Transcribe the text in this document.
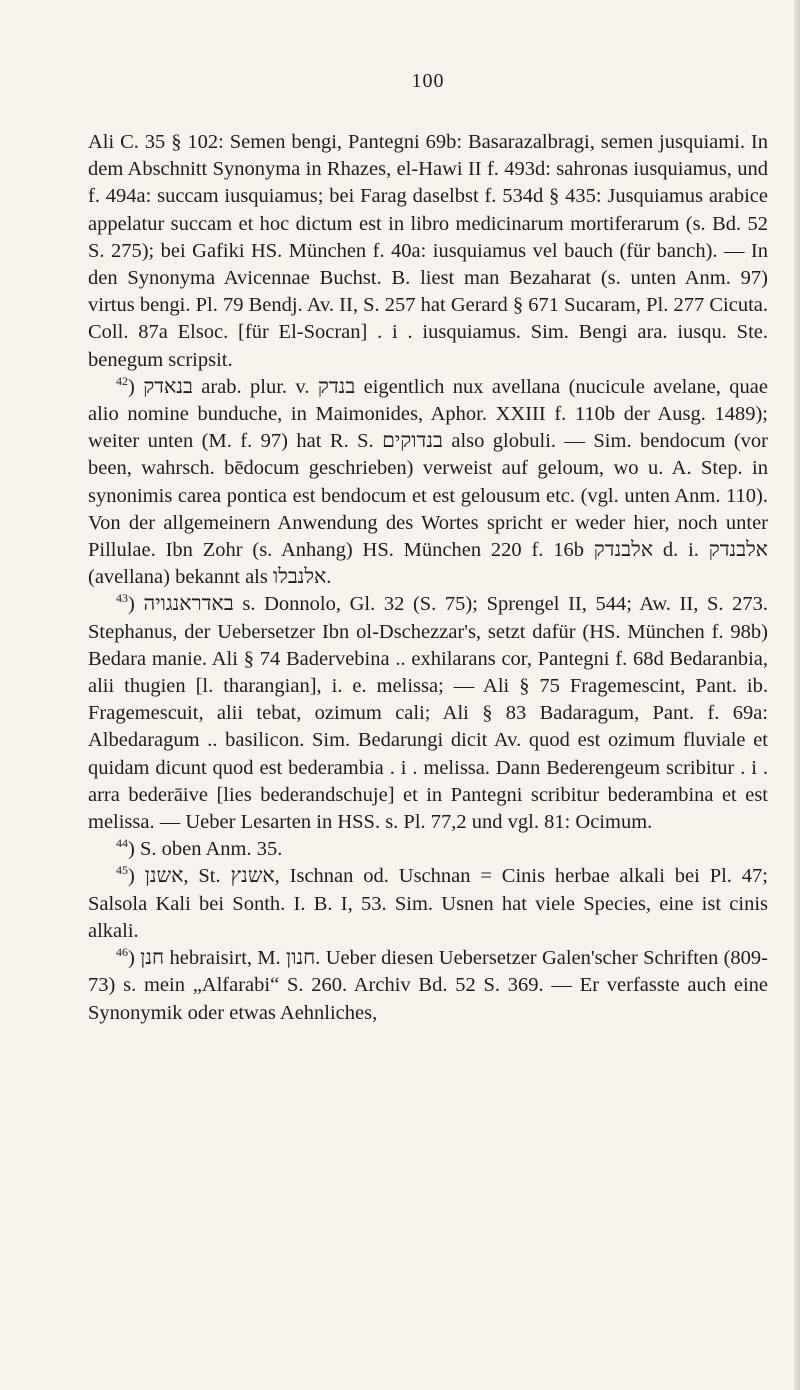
100

Ali C. 35 § 102: Semen bengi, Pantegni 69b: Basarazalbragi, semen jusquiami. In dem Abschnitt Synonyma in Rhazes, el-Hawi II f. 493d: sahronas iusquiamus, und f. 494a: succam iusquiamus; bei Farag daselbst f. 534d § 435: Jusquiamus arabice appelatur succam et hoc dictum est in libro medicinarum mortiferarum (s. Bd. 52 S. 275); bei Gafiki HS. München f. 40a: iusquiamus vel bauch (für banch). — In den Synonyma Avicennae Buchst. B. liest man Bezaharat (s. unten Anm. 97) virtus bengi. Pl. 79 Bendj. Av. II, S. 257 hat Gerard § 671 Sucaram, Pl. 277 Cicuta. Coll. 87a Elsoc. [für El-Socran] . i . iusquiamus. Sim. Bengi ara. iusqu. Ste. benegum scripsit.

$^{42}$) בנאדק arab. plur. v. בנדק eigentlich nux avellana (nucicule avelane, quae alio nomine bunduche, in Maimonides, Aphor. XXIII f. 110b der Ausg. 1489); weiter unten (M. f. 97) hat R. S. בנדוקים also globuli. — Sim. bendocum (vor been, wahrsch. bēdocum geschrieben) verweist auf geloum, wo u. A. Step. in synonimis carea pontica est bendocum et est gelousum etc. (vgl. unten Anm. 110). Von der allgemeinern Anwendung des Wortes spricht er weder hier, noch unter Pillulae. Ibn Zohr (s. Anhang) HS. München 220 f. 16b אלבנדק d. i. אלבנדק (avellana) bekannt als אלנבלו.

$^{43}$) באדראנגויה s. Donnolo, Gl. 32 (S. 75); Sprengel II, 544; Aw. II, S. 273. Stephanus, der Uebersetzer Ibn ol-Dschezzar's, setzt dafür (HS. München f. 98b) Bedara manie. Ali § 74 Badervebina .. exhilarans cor, Pantegni f. 68d Bedaranbia, alii thugien [l. tharangian], i. e. melissa; — Ali § 75 Fragemescint, Pant. ib. Fragemescuit, alii tebat, ozimum cali; Ali § 83 Badaragum, Pant. f. 69a: Albedaragum .. basilicon. Sim. Bedarungi dicit Av. quod est ozimum fluviale et quidam dicunt quod est bederambia . i . melissa. Dann Bederengeum scribitur . i . arra bederāive [lies bederandschuje] et in Pantegni scribitur bederambina et est melissa. — Ueber Lesarten in HSS. s. Pl. 77,2 und vgl. 81: Ocimum.

$^{44}$) S. oben Anm. 35.

$^{45}$) אשנן, St. אשנץ, Ischnan od. Uschnan = Cinis herbae alkali bei Pl. 47; Salsola Kali bei Sonth. I. B. I, 53. Sim. Usnen hat viele Species, eine ist cinis alkali.

$^{46}$) חנן hebraisirt, M. חנון. Ueber diesen Uebersetzer Galen'scher Schriften (809-73) s. mein „Alfarabi“ S. 260. Archiv Bd. 52 S. 369. — Er verfasste auch eine Synonymik oder etwas Aehnliches,
